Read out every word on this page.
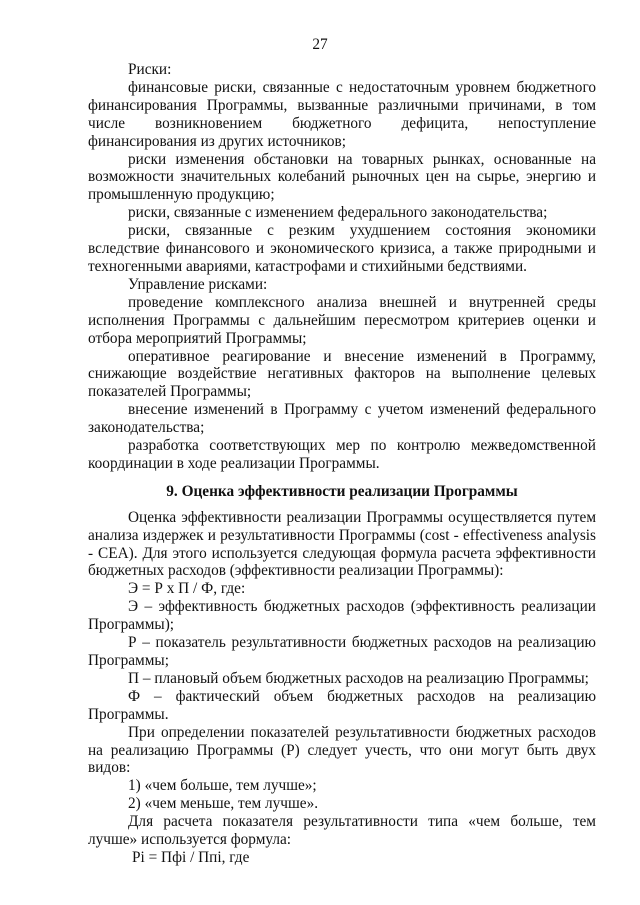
27

Риски:

финансовые риски, связанные с недостаточным уровнем бюджетного финансирования Программы, вызванные различными причинами, в том числе возникновением бюджетного дефицита, непоступление финансирования из других источников;

риски изменения обстановки на товарных рынках, основанные на возможности значительных колебаний рыночных цен на сырье, энергию и промышленную продукцию;

риски, связанные с изменением федерального законодательства;

риски, связанные с резким ухудшением состояния экономики вследствие финансового и экономического кризиса, а также природными и техногенными авариями, катастрофами и стихийными бедствиями.

Управление рисками:

проведение комплексного анализа внешней и внутренней среды исполнения Программы с дальнейшим пересмотром критериев оценки и отбора мероприятий Программы;

оперативное реагирование и внесение изменений в Программу, снижающие воздействие негативных факторов на выполнение целевых показателей Программы;

внесение изменений в Программу с учетом изменений федерального законодательства;

разработка соответствующих мер по контролю межведомственной координации в ходе реализации Программы.

9. Оценка эффективности реализации Программы

Оценка эффективности реализации Программы осуществляется путем анализа издержек и результативности Программы (cost - effectiveness analysis - CEA). Для этого используется следующая формула расчета эффективности бюджетных расходов (эффективности реализации Программы):

Э = Р х П / Ф, где:

Э – эффективность бюджетных расходов (эффективность реализации Программы);

Р – показатель результативности бюджетных расходов на реализацию Программы;

П – плановый объем бюджетных расходов на реализацию Программы;

Ф – фактический объем бюджетных расходов на реализацию Программы.

При определении показателей результативности бюджетных расходов на реализацию Программы (Р) следует учесть, что они могут быть двух видов:

1) «чем больше, тем лучше»;

2) «чем меньше, тем лучше».

Для расчета показателя результативности типа «чем больше, тем лучше» используется формула:

Рi = Пфi / Ппi, где
